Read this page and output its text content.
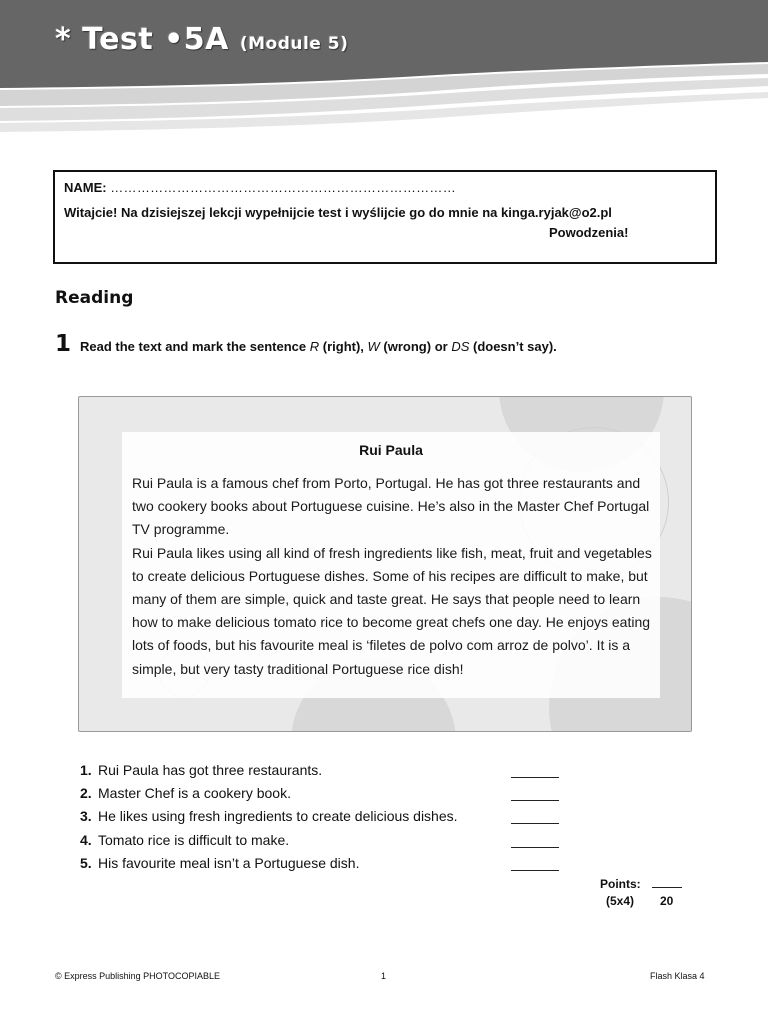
* Test •5A (Module 5)
NAME: ……………………………………………………………………
Witajcie! Na dzisiejszej lekcji wypełnijcie test i wyślijcie go do mnie na kinga.ryjak@o2.pl
Powodzenia!
Reading
1 Read the text and mark the sentence R (right), W (wrong) or DS (doesn’t say).
Rui Paula

Rui Paula is a famous chef from Porto, Portugal. He has got three restaurants and two cookery books about Portuguese cuisine. He’s also in the Master Chef Portugal TV programme.

Rui Paula likes using all kind of fresh ingredients like fish, meat, fruit and vegetables to create delicious Portuguese dishes. Some of his recipes are difficult to make, but many of them are simple, quick and taste great. He says that people need to learn how to make delicious tomato rice to become great chefs one day. He enjoys eating lots of foods, but his favourite meal is ‘filetes de polvo com arroz de polvo’. It is a simple, but very tasty traditional Portuguese rice dish!

1. Rui Paula has got three restaurants.
2. Master Chef is a cookery book.
3. He likes using fresh ingredients to create delicious dishes.
4. Tomato rice is difficult to make.
5. His favourite meal isn’t a Portuguese dish.
Points:
(5x4) 20
© Express Publishing PHOTOCOPIABLE	1	Flash Klasa 4
